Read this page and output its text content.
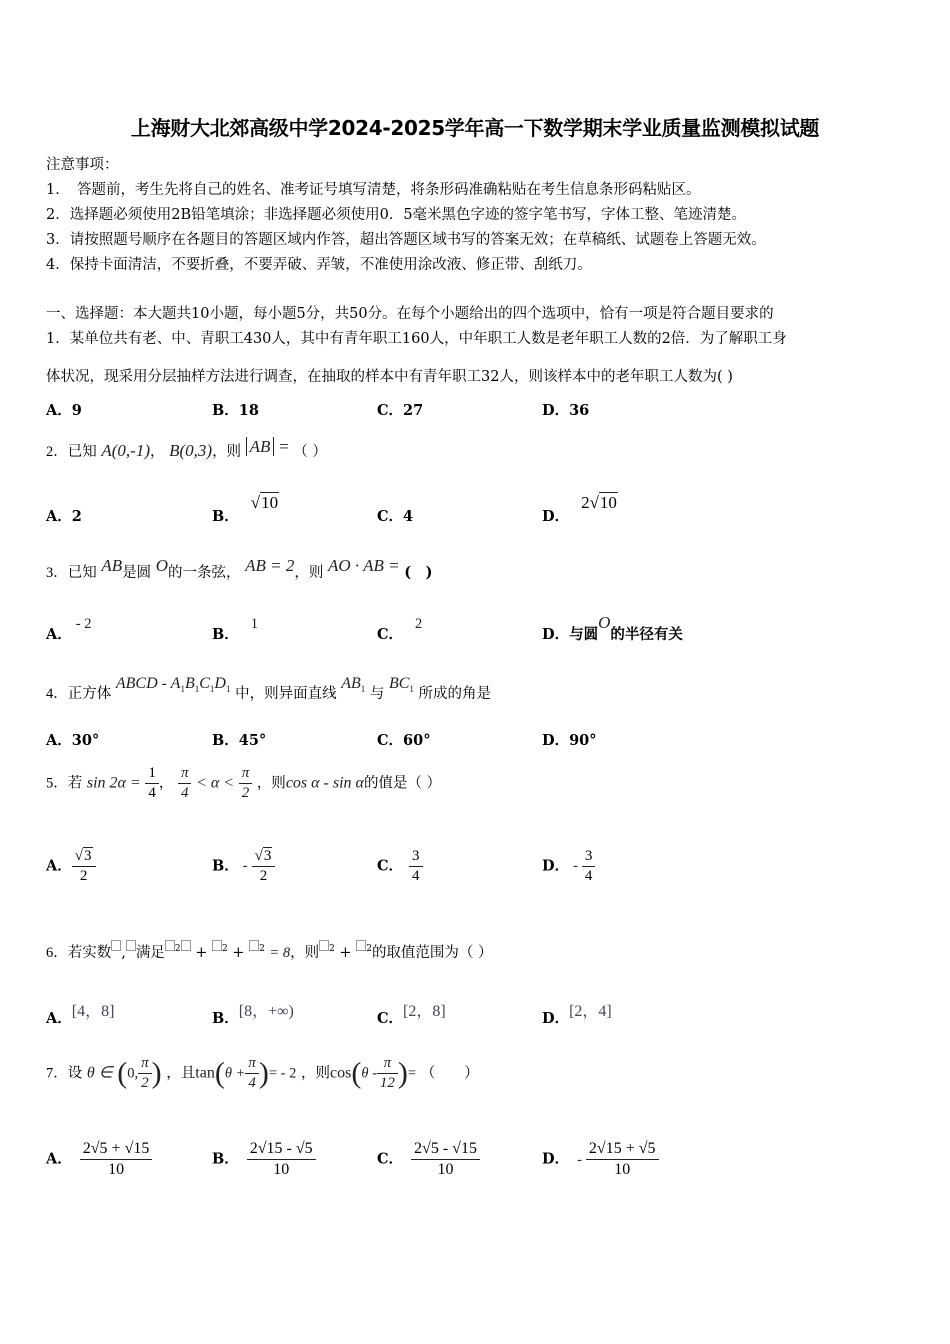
上海财大北郊高级中学2024-2025学年高一下数学期末学业质量监测模拟试题
注意事项：
1．　答题前，考生先将自己的姓名、准考证号填写清楚，将条形码准确粘贴在考生信息条形码粘贴区。
2．选择题必须使用2B铅笔填涂；非选择题必须使用0．5毫米黑色字迹的签字笔书写，字体工整、笔迹清楚。
3．请按照题号顺序在各题目的答题区域内作答，超出答题区域书写的答案无效；在草稿纸、试题卷上答题无效。
4．保持卡面清洁，不要折叠，不要弄破、弄皱，不准使用涂改液、修正带、刮纸刀。
一、选择题：本大题共10小题，每小题5分，共50分。在每个小题给出的四个选项中，恰有一项是符合题目要求的
1．某单位共有老、中、青职工430人，其中有青年职工160人，中年职工人数是老年职工人数的2倍．为了解职工身
体状况，现采用分层抽样方法进行调查，在抽取的样本中有青年职工32人，则该样本中的老年职工人数为( )
A．9	B．18	C．27	D．36
2．已知 A(0,-1)， B(0,3)，则 AB = （ ）
A．2	B．√10
C．4	D．2√10
3．已知 AB是圆 O的一条弦， AB = 2，则 AO · AB = (　)
A．- 2
B．1
C．2
D．与圆O的半径有关
4．正方体 ABCD - $A_1B_1C_1D_1$ 中，则异面直线 $AB_1$ 与 $BC_1$ 所成的角是
A．30°	B．45°	C．60°	D．90°
5．若 $\sin 2\alpha = \frac{1}{4}$ ， $\frac{\pi}{4} < \alpha < \frac{\pi}{2}$ ，则cos α - sin α的值是（ ）
A． $\frac{√3}{2}$	B． - $\frac{√3}{2}$	C． $\frac{3}{4}$	D． - $\frac{3}{4}$
6．若实数 , 满足 $^2$ + $^2$ + $^2$ = 8，则 $^2$ + $^2$的取值范围为（ ）
A．[4，8]	B．[8，+∞)	C．[2，8]	D．[2，4]
7．设 θ ∈ (0, $\frac{\pi}{2}$ ) ，且$\tan(\theta + \frac{\pi}{4}$ )= - 2 ，则$\cos(\theta - \frac{\pi}{12}$ )= （　　）
A． $\frac{2√5 + √15}{10}$	B． $\frac{2√15 - √5}{10}$	C． $\frac{2√5 - √15}{10}$	D． - $\frac{2√15 + √5}{10}$
